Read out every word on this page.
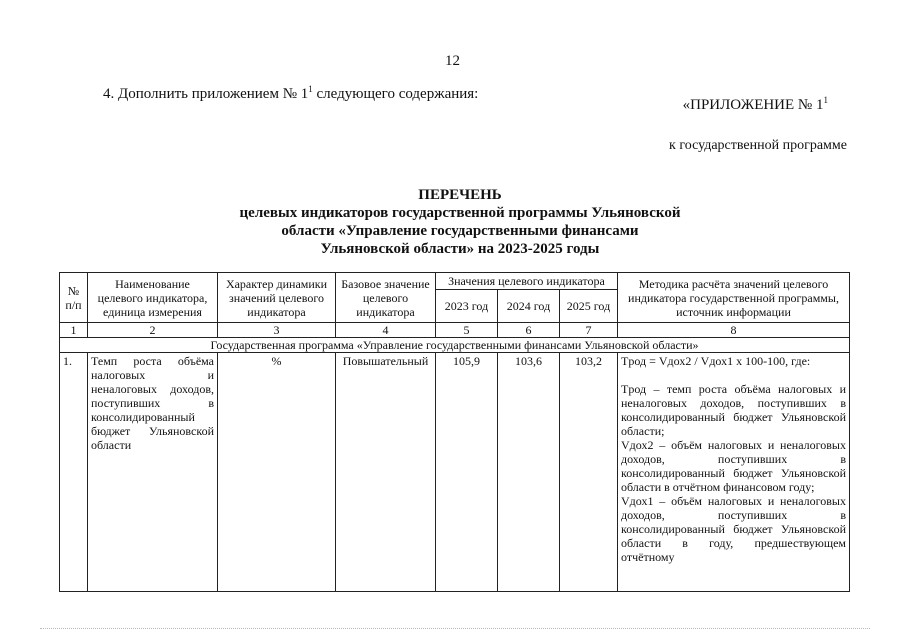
12
4. Дополнить приложением № $1^1$ следующего содержания:
«ПРИЛОЖЕНИЕ № $1^1$
к государственной программе
ПЕРЕЧЕНЬ
целевых индикаторов государственной программы Ульяновской
области «Управление государственными финансами
Ульяновской области» на 2023-2025 годы
№ п/п	Наименование целевого индикатора, единица измерения	Характер динамики значений целевого индикатора	Базовое значение целевого индикатора	Значения целевого индикатора			Методика расчёта значений целевого индикатора государственной программы, источник информации
				2023 год	2024 год	2025 год	
1	2	3	4	5	6	7	8
Государственная программа «Управление государственными финансами Ульяновской области»							
1.	Темп роста объёма налоговых и неналоговых доходов, поступивших в консолидированный бюджет Ульяновской области	%	Повышательный	105,9	103,6	103,2	Tрод = Vдох2 / Vдох1 x 100-100, где:

Tрод – темп роста объёма налоговых и неналоговых доходов, поступивших в консолидированный бюджет Ульяновской области;

Vдох2 – объём налоговых и неналоговых доходов, поступивших в консолидированный бюджет Ульяновской области в отчётном финансовом году;

Vдох1 – объём налоговых и неналоговых доходов, поступивших в консолидированный бюджет Ульяновской области в году, предшествующем отчётному
